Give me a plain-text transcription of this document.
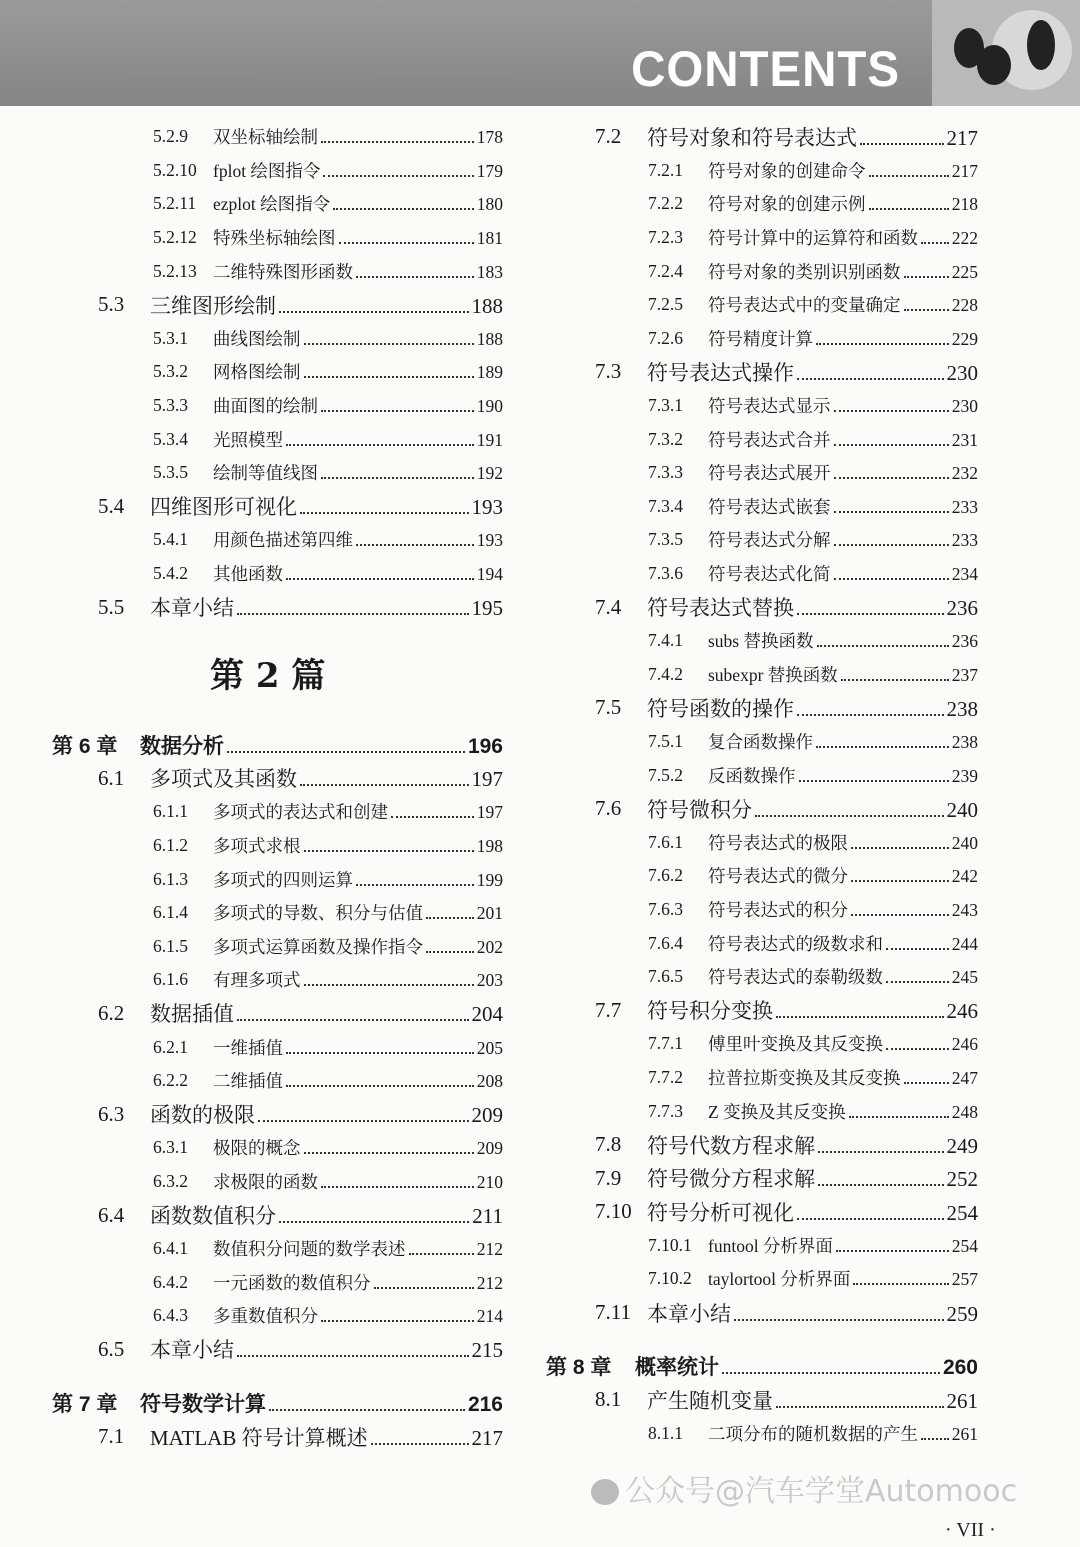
CONTENTS
5.2.9 双坐标轴绘制	178
5.2.10 fplot 绘图指令	179
5.2.11 ezplot 绘图指令	180
5.2.12 特殊坐标轴绘图	181
5.2.13 二维特殊图形函数	183
5.3 三维图形绘制	188
5.3.1 曲线图绘制	188
5.3.2 网格图绘制	189
5.3.3 曲面图的绘制	190
5.3.4 光照模型	191
5.3.5 绘制等值线图	192
5.4 四维图形可视化	193
5.4.1 用颜色描述第四维	193
5.4.2 其他函数	194
5.5 本章小结	195
第 2 篇
第 6 章 数据分析	196
6.1 多项式及其函数	197
6.1.1 多项式的表达式和创建	197
6.1.2 多项式求根	198
6.1.3 多项式的四则运算	199
6.1.4 多项式的导数、积分与估值	201
6.1.5 多项式运算函数及操作指令	202
6.1.6 有理多项式	203
6.2 数据插值	204
6.2.1 一维插值	205
6.2.2 二维插值	208
6.3 函数的极限	209
6.3.1 极限的概念	209
6.3.2 求极限的函数	210
6.4 函数数值积分	211
6.4.1 数值积分问题的数学表述	212
6.4.2 一元函数的数值积分	212
6.4.3 多重数值积分	214
6.5 本章小结	215
第 7 章 符号数学计算	216
7.1 MATLAB 符号计算概述	217
7.2 符号对象和符号表达式	217
7.2.1 符号对象的创建命令	217
7.2.2 符号对象的创建示例	218
7.2.3 符号计算中的运算符和函数 222
7.2.4 符号对象的类别识别函数	225
7.2.5 符号表达式中的变量确定	228
7.2.6 符号精度计算	229
7.3 符号表达式操作	230
7.3.1 符号表达式显示	230
7.3.2 符号表达式合并	231
7.3.3 符号表达式展开	232
7.3.4 符号表达式嵌套	233
7.3.5 符号表达式分解	233
7.3.6 符号表达式化简	234
7.4 符号表达式替换	236
7.4.1 subs 替换函数	236
7.4.2 subexpr 替换函数	237
7.5 符号函数的操作	238
7.5.1 复合函数操作	238
7.5.2 反函数操作	239
7.6 符号微积分	240
7.6.1 符号表达式的极限	240
7.6.2 符号表达式的微分	242
7.6.3 符号表达式的积分	243
7.6.4 符号表达式的级数求和	244
7.6.5 符号表达式的泰勒级数	245
7.7 符号积分变换	246
7.7.1 傅里叶变换及其反变换	246
7.7.2 拉普拉斯变换及其反变换	247
7.7.3 Z 变换及其反变换	248
7.8 符号代数方程求解	249
7.9 符号微分方程求解	252
7.10 符号分析可视化	254
7.10.1 funtool 分析界面	254
7.10.2 taylortool 分析界面	257
7.11 本章小结	259
第 8 章 概率统计	260
8.1 产生随机变量	261
8.1.1 二项分布的随机数据的产生 261
公众号@汽车学堂Automooc
· VII ·
